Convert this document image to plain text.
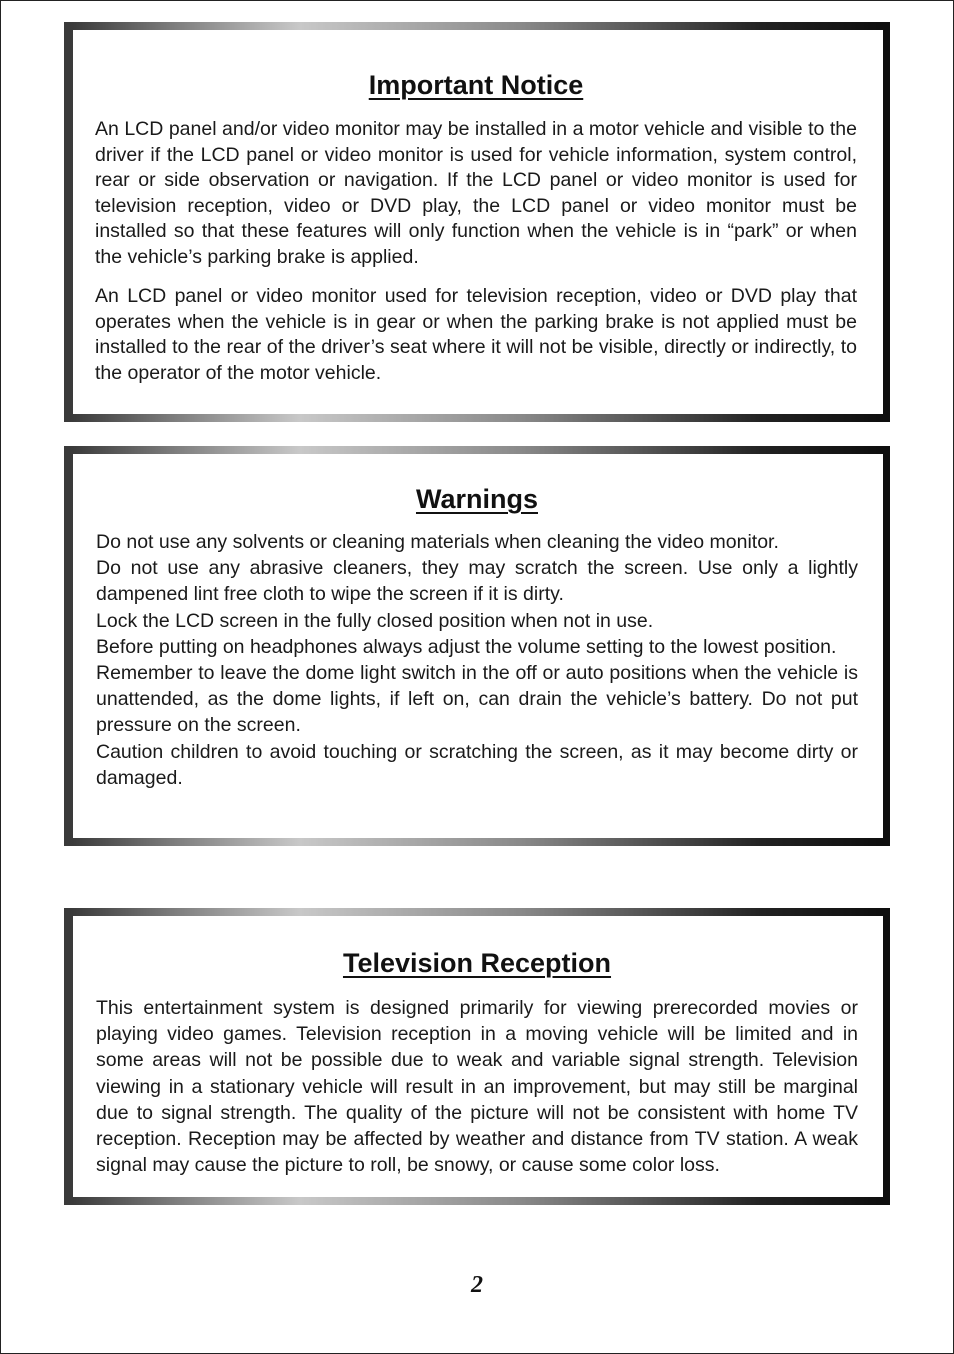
Important Notice

An LCD panel and/or video monitor may be installed in a motor vehicle and visible to the driver if the LCD panel or video monitor is used for vehicle information, system control, rear or side observation or navigation. If the LCD panel or video monitor is used for television reception, video or DVD play, the LCD panel or video monitor must be installed so that these features will only function when the vehicle is in “park” or when the vehicle’s parking brake is applied.

An LCD panel or video monitor used for television reception, video or DVD play that operates when the vehicle is in gear or when the parking brake is not applied must be installed to the rear of the driver’s seat where it will not be visible, directly or indirectly, to the operator of the motor vehicle.

Warnings

Do not use any solvents or cleaning materials when cleaning the video monitor.

Do not use any abrasive cleaners, they may scratch the screen. Use only a lightly dampened lint free cloth to wipe the screen if it is dirty.

Lock the LCD screen in the fully closed position when not in use.

Before putting on headphones always adjust the volume setting to the lowest position.

Remember to leave the dome light switch in the off or auto positions when the vehicle is unattended, as the dome lights, if left on, can drain the vehicle’s battery. Do not put pressure on the screen.

Caution children to avoid touching or scratching the screen, as it may become dirty or damaged.

Television Reception

This entertainment system is designed primarily for viewing prerecorded movies or playing video games. Television reception in a moving vehicle will be limited and in some areas will not be possible due to weak and variable signal strength. Television viewing in a stationary vehicle will result in an improvement, but may still be marginal due to signal strength. The quality of the picture will not be consistent with home TV reception. Reception may be affected by weather and distance from TV station. A weak signal may cause the picture to roll, be snowy, or cause some color loss.

2
